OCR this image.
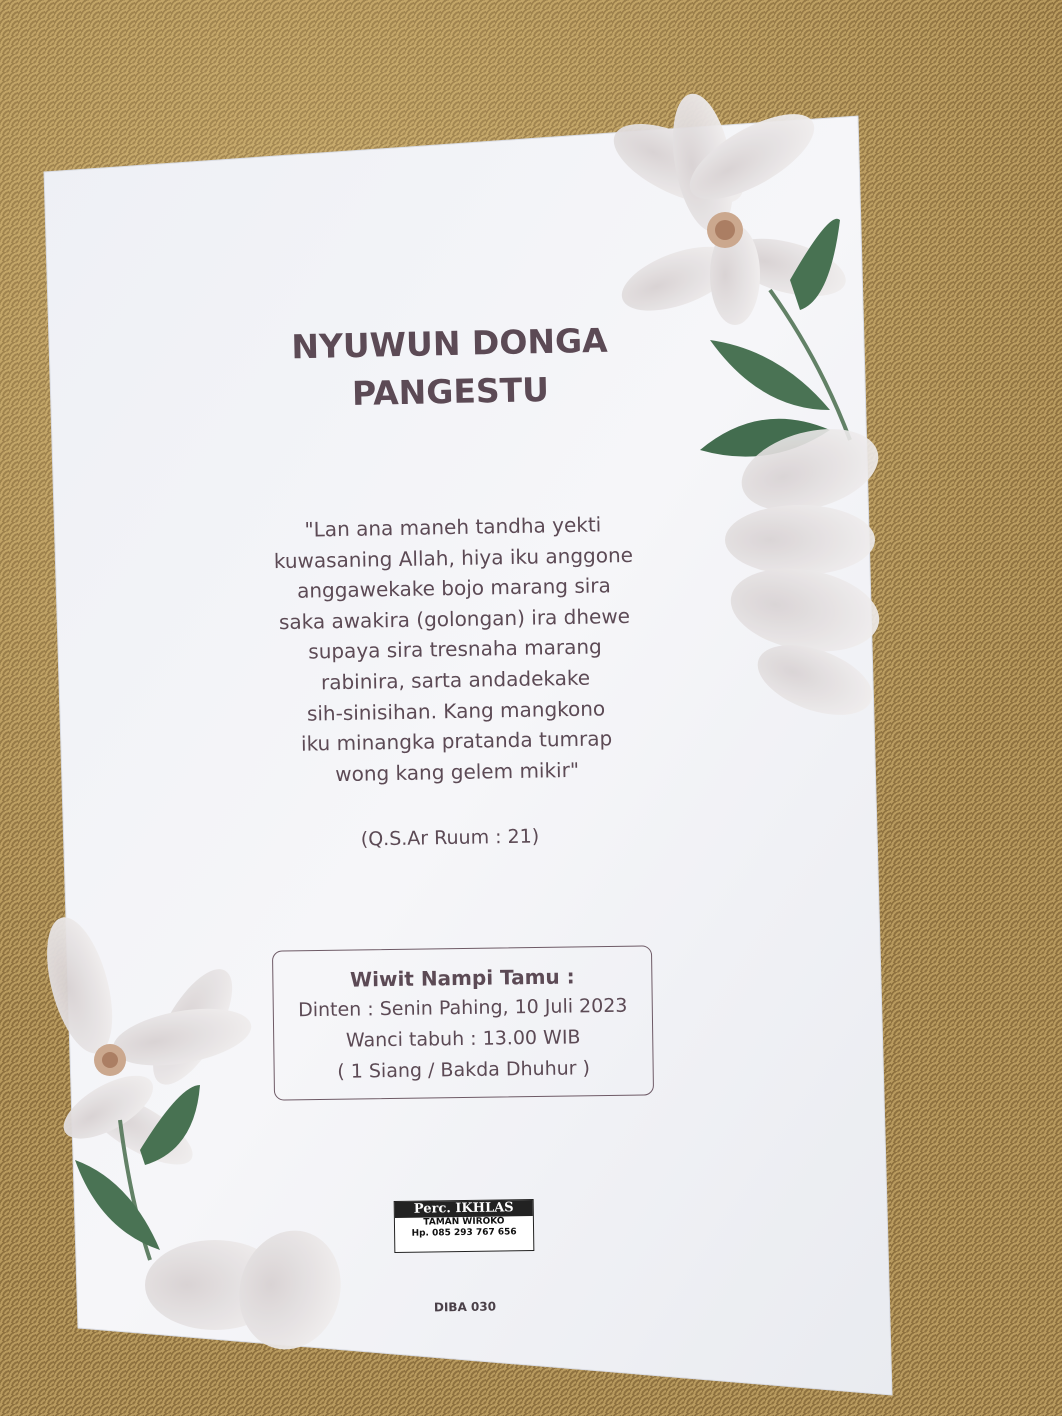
NYUWUN DONGA
PANGESTU
"Lan ana maneh tandha yekti
kuwasaning Allah, hiya iku anggone
anggawekake bojo marang sira
saka awakira (golongan) ira dhewe
supaya sira tresnaha marang
rabinira, sarta andadekake
sih-sinisihan. Kang mangkono
iku minangka pratanda tumrap
wong kang gelem mikir"
(Q.S.Ar Ruum : 21)
Wiwit Nampi Tamu :
Dinten : Senin Pahing, 10 Juli 2023
Wanci tabuh : 13.00 WIB
( 1 Siang / Bakda Dhuhur )
Perc. IKHLAS
TAMAN WIROKO
Hp. 085 293 767 656
DIBA 030
